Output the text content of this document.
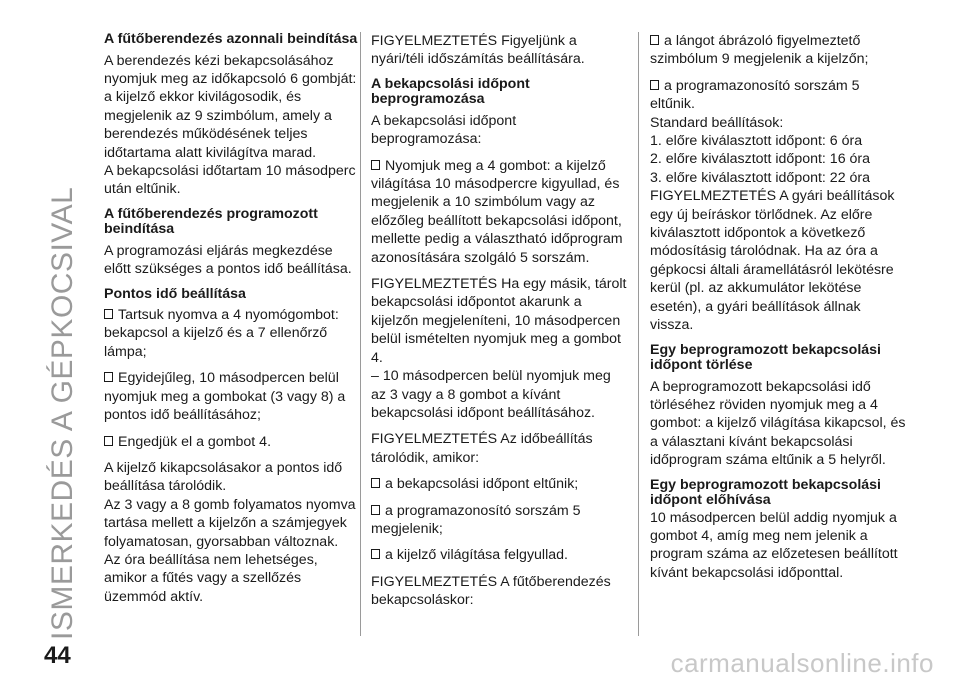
ISMERKEDÉS A GÉPKOCSIVAL
A fűtőberendezés azonnali beindítása

A berendezés kézi bekapcsolásához nyomjuk meg az időkapcsoló 6 gombját: a kijelző ekkor kivilágosodik, és megjelenik az 9 szimbólum, amely a berendezés működésének teljes időtartama alatt kivilágítva marad.

A bekapcsolási időtartam 10 másodperc után eltűnik.

A fűtőberendezés programozott beindítása

A programozási eljárás megkezdése előtt szükséges a pontos idő beállítása.

Pontos idő beállítása

Tartsuk nyomva a 4 nyomógombot: bekapcsol a kijelző és a 7 ellenőrző lámpa;

Egyidejűleg, 10 másodpercen belül nyomjuk meg a gombokat (3 vagy 8) a pontos idő beállításához;

Engedjük el a gombot 4.

A kijelző kikapcsolásakor a pontos idő beállítása tárolódik.

Az 3 vagy a 8 gomb folyamatos nyomva tartása mellett a kijelzőn a számjegyek folyamatosan, gyorsabban változnak.

Az óra beállítása nem lehetséges, amikor a fűtés vagy a szellőzés üzemmód aktív.

FIGYELMEZTETÉS Figyeljünk a nyári/téli időszámítás beállítására.

A bekapcsolási időpont beprogramozása

A bekapcsolási időpont beprogramozása:

Nyomjuk meg a 4 gombot: a kijelző világítása 10 másodpercre kigyullad, és megjelenik a 10 szimbólum vagy az előzőleg beállított bekapcsolási időpont, mellette pedig a választható időprogram azonosítására szolgáló 5 sorszám.

FIGYELMEZTETÉS Ha egy másik, tárolt bekapcsolási időpontot akarunk a kijelzőn megjeleníteni, 10 másodpercen belül ismételten nyomjuk meg a gombot 4.

– 10 másodpercen belül nyomjuk meg az 3 vagy a 8 gombot a kívánt bekapcsolási időpont beállításához.

FIGYELMEZTETÉS Az időbeállítás tárolódik, amikor:

a bekapcsolási időpont eltűnik;

a programazonosító sorszám 5 megjelenik;

a kijelző világítása felgyullad.

FIGYELMEZTETÉS A fűtőberendezés bekapcsoláskor:

a lángot ábrázoló figyelmeztető szimbólum 9 megjelenik a kijelzőn;

a programazonosító sorszám 5 eltűnik.

Standard beállítások:
1. előre kiválasztott időpont: 6 óra
2. előre kiválasztott időpont: 16 óra
3. előre kiválasztott időpont: 22 óra

FIGYELMEZTETÉS A gyári beállítások egy új beíráskor törlődnek. Az előre kiválasztott időpontok a következő módosításig tárolódnak. Ha az óra a gépkocsi általi áramellátásról lekötésre kerül (pl. az akkumulátor lekötése esetén), a gyári beállítások állnak vissza.

Egy beprogramozott bekapcsolási időpont törlése

A beprogramozott bekapcsolási idő törléséhez röviden nyomjuk meg a 4 gombot: a kijelző világítása kikapcsol, és a választani kívánt bekapcsolási időprogram száma eltűnik a 5 helyről.

Egy beprogramozott bekapcsolási időpont előhívása

10 másodpercen belül addig nyomjuk a gombot 4, amíg meg nem jelenik a program száma az előzetesen beállított kívánt bekapcsolási időponttal.

44	carmanualsonline.info
